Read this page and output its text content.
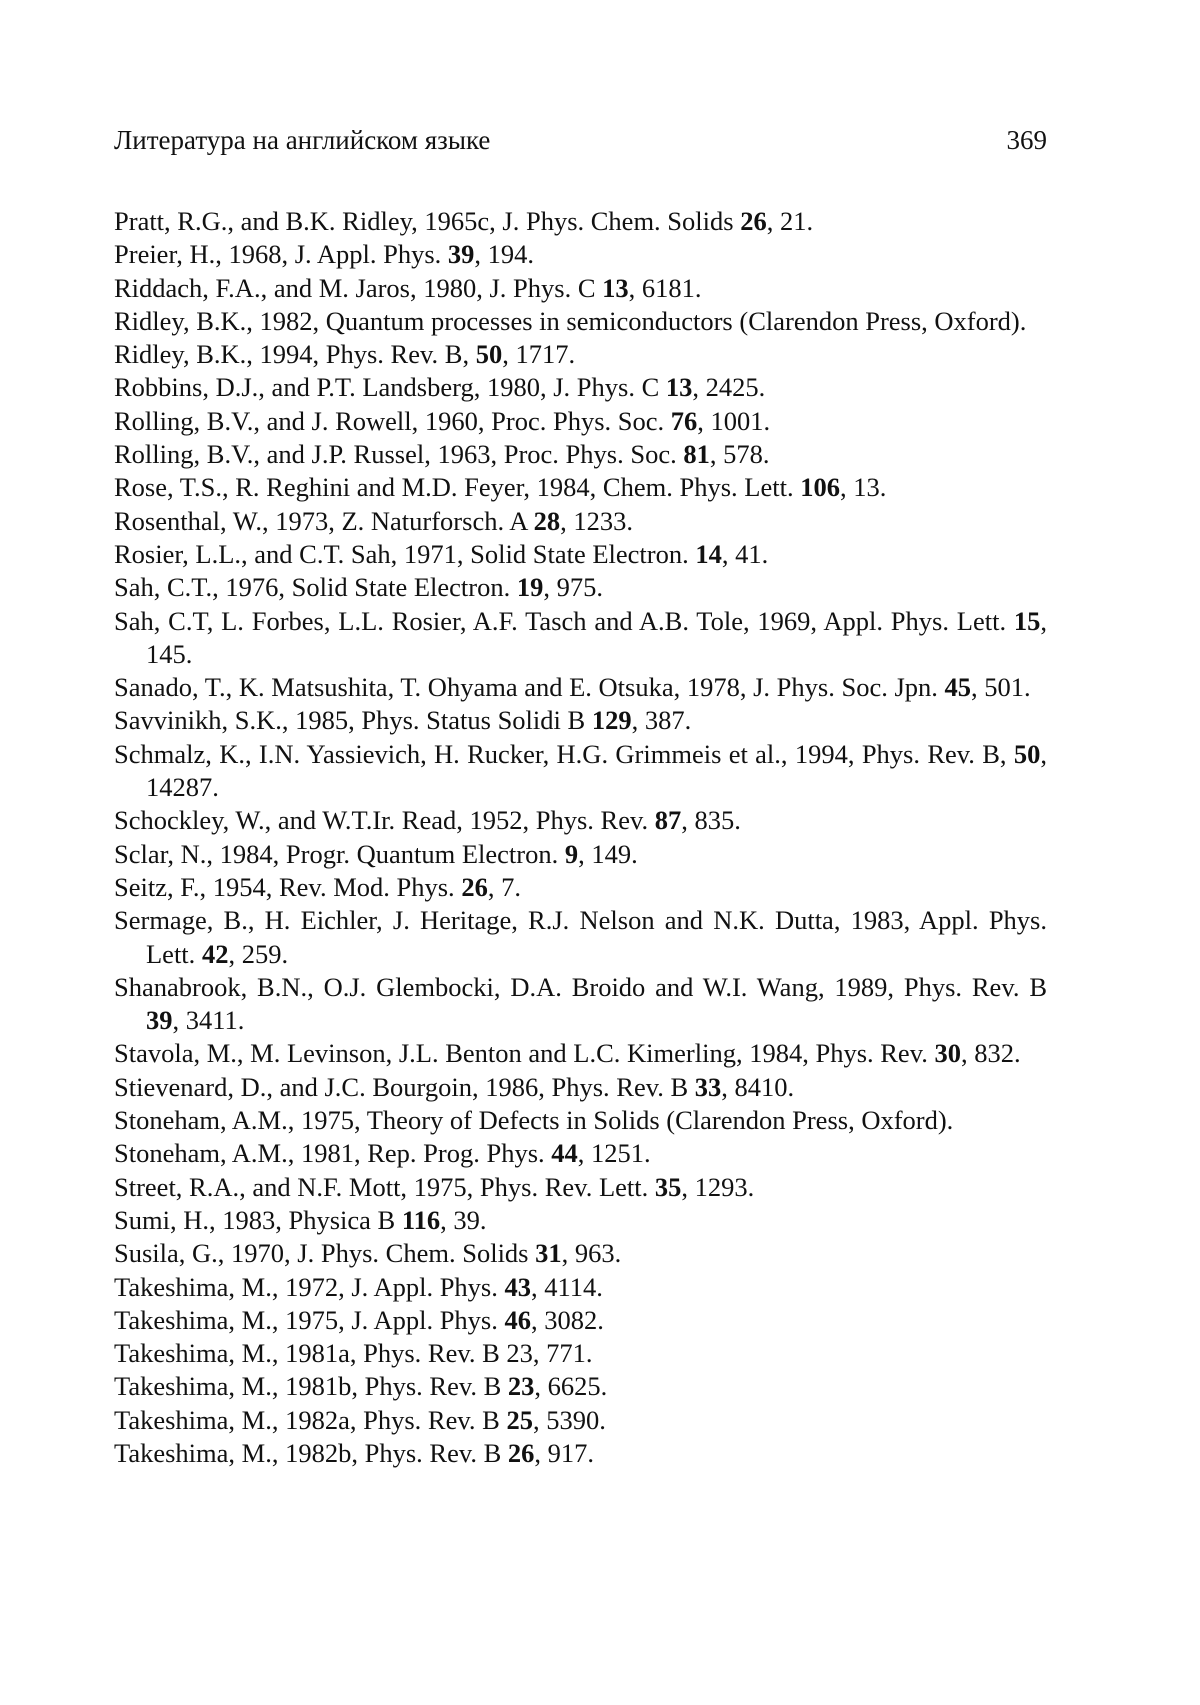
Литература на английском языке	369
Pratt, R.G., and B.K. Ridley, 1965c, J. Phys. Chem. Solids 26, 21.
Preier, H., 1968, J. Appl. Phys. 39, 194.
Riddach, F.A., and M. Jaros, 1980, J. Phys. C 13, 6181.
Ridley, B.K., 1982, Quantum processes in semiconductors (Clarendon Press, Oxford).
Ridley, B.K., 1994, Phys. Rev. B, 50, 1717.
Robbins, D.J., and P.T. Landsberg, 1980, J. Phys. C 13, 2425.
Rolling, B.V., and J. Rowell, 1960, Proc. Phys. Soc. 76, 1001.
Rolling, B.V., and J.P. Russel, 1963, Proc. Phys. Soc. 81, 578.
Rose, T.S., R. Reghini and M.D. Feyer, 1984, Chem. Phys. Lett. 106, 13.
Rosenthal, W., 1973, Z. Naturforsch. A 28, 1233.
Rosier, L.L., and C.T. Sah, 1971, Solid State Electron. 14, 41.
Sah, C.T., 1976, Solid State Electron. 19, 975.
Sah, C.T, L. Forbes, L.L. Rosier, A.F. Tasch and A.B. Tole, 1969, Appl. Phys. Lett. 15, 145.
Sanado, T., K. Matsushita, T. Ohyama and E. Otsuka, 1978, J. Phys. Soc. Jpn. 45, 501.
Savvinikh, S.K., 1985, Phys. Status Solidi B 129, 387.
Schmalz, K., I.N. Yassievich, H. Rucker, H.G. Grimmeis et al., 1994, Phys. Rev. B, 50, 14287.
Schockley, W., and W.T.Ir. Read, 1952, Phys. Rev. 87, 835.
Sclar, N., 1984, Progr. Quantum Electron. 9, 149.
Seitz, F., 1954, Rev. Mod. Phys. 26, 7.
Sermage, B., H. Eichler, J. Heritage, R.J. Nelson and N.K. Dutta, 1983, Appl. Phys. Lett. 42, 259.
Shanabrook, B.N., O.J. Glembocki, D.A. Broido and W.I. Wang, 1989, Phys. Rev. B 39, 3411.
Stavola, M., M. Levinson, J.L. Benton and L.C. Kimerling, 1984, Phys. Rev. 30, 832.
Stievenard, D., and J.C. Bourgoin, 1986, Phys. Rev. B 33, 8410.
Stoneham, A.M., 1975, Theory of Defects in Solids (Clarendon Press, Oxford).
Stoneham, A.M., 1981, Rep. Prog. Phys. 44, 1251.
Street, R.A., and N.F. Mott, 1975, Phys. Rev. Lett. 35, 1293.
Sumi, H., 1983, Physica B 116, 39.
Susila, G., 1970, J. Phys. Chem. Solids 31, 963.
Takeshima, M., 1972, J. Appl. Phys. 43, 4114.
Takeshima, M., 1975, J. Appl. Phys. 46, 3082.
Takeshima, M., 1981a, Phys. Rev. B 23, 771.
Takeshima, M., 1981b, Phys. Rev. B 23, 6625.
Takeshima, M., 1982a, Phys. Rev. B 25, 5390.
Takeshima, M., 1982b, Phys. Rev. B 26, 917.
